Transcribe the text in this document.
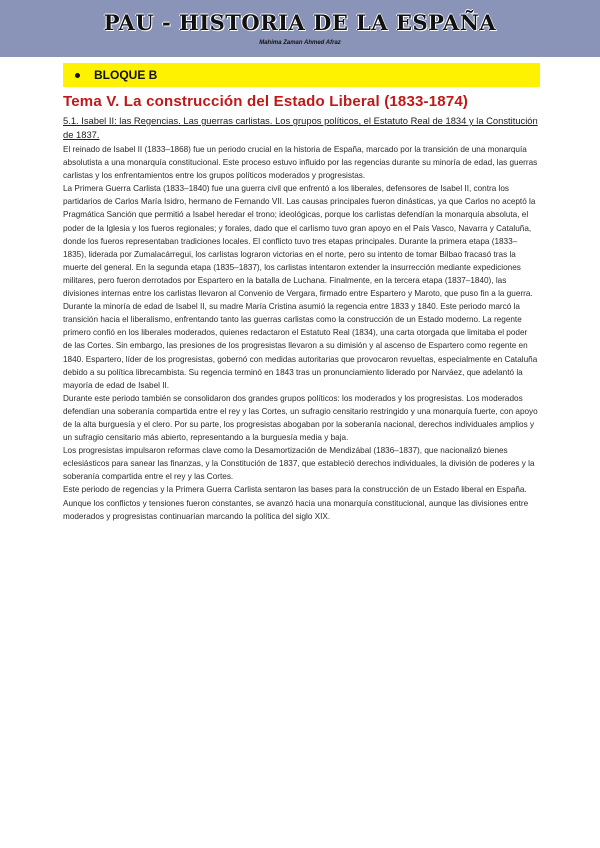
PAU - HISTORIA DE LA ESPAÑA
Mahima Zaman Ahmed Afraz
BLOQUE B
Tema V. La construcción del Estado Liberal (1833-1874)
5.1. Isabel II: las Regencias. Las guerras carlistas. Los grupos políticos, el Estatuto Real de 1834 y la Constitución de 1837.

El reinado de Isabel II (1833–1868) fue un periodo crucial en la historia de España, marcado por la transición de una monarquía absolutista a una monarquía constitucional. Este proceso estuvo influido por las regencias durante su minoría de edad, las guerras carlistas y los enfrentamientos entre los grupos políticos moderados y progresistas.

La Primera Guerra Carlista (1833–1840) fue una guerra civil que enfrentó a los liberales, defensores de Isabel II, contra los partidarios de Carlos María Isidro, hermano de Fernando VII. Las causas principales fueron dinásticas, ya que Carlos no aceptó la Pragmática Sanción que permitió a Isabel heredar el trono; ideológicas, porque los carlistas defendían la monarquía absoluta, el poder de la Iglesia y los fueros regionales; y forales, dado que el carlismo tuvo gran apoyo en el País Vasco, Navarra y Cataluña, donde los fueros representaban tradiciones locales. El conflicto tuvo tres etapas principales. Durante la primera etapa (1833–1835), liderada por Zumalacárregui, los carlistas lograron victorias en el norte, pero su intento de tomar Bilbao fracasó tras la muerte del general. En la segunda etapa (1835–1837), los carlistas intentaron extender la insurrección mediante expediciones militares, pero fueron derrotados por Espartero en la batalla de Luchana. Finalmente, en la tercera etapa (1837–1840), las divisiones internas entre los carlistas llevaron al Convenio de Vergara, firmado entre Espartero y Maroto, que puso fin a la guerra.

Durante la minoría de edad de Isabel II, su madre María Cristina asumió la regencia entre 1833 y 1840. Este periodo marcó la transición hacia el liberalismo, enfrentando tanto las guerras carlistas como la construcción de un Estado moderno. La regente primero confió en los liberales moderados, quienes redactaron el Estatuto Real (1834), una carta otorgada que limitaba el poder de las Cortes. Sin embargo, las presiones de los progresistas llevaron a su dimisión y al ascenso de Espartero como regente en 1840. Espartero, líder de los progresistas, gobernó con medidas autoritarias que provocaron revueltas, especialmente en Cataluña debido a su política librecambista. Su regencia terminó en 1843 tras un pronunciamiento liderado por Narváez, que adelantó la mayoría de edad de Isabel II.

Durante este periodo también se consolidaron dos grandes grupos políticos: los moderados y los progresistas. Los moderados defendían una soberanía compartida entre el rey y las Cortes, un sufragio censitario restringido y una monarquía fuerte, con apoyo de la alta burguesía y el clero. Por su parte, los progresistas abogaban por la soberanía nacional, derechos individuales amplios y un sufragio censitario más abierto, representando a la burguesía media y baja.

Los progresistas impulsaron reformas clave como la Desamortización de Mendizábal (1836–1837), que nacionalizó bienes eclesiásticos para sanear las finanzas, y la Constitución de 1837, que estableció derechos individuales, la división de poderes y la soberanía compartida entre el rey y las Cortes.

Este periodo de regencias y la Primera Guerra Carlista sentaron las bases para la construcción de un Estado liberal en España. Aunque los conflictos y tensiones fueron constantes, se avanzó hacia una monarquía constitucional, aunque las divisiones entre moderados y progresistas continuarían marcando la política del siglo XIX.
